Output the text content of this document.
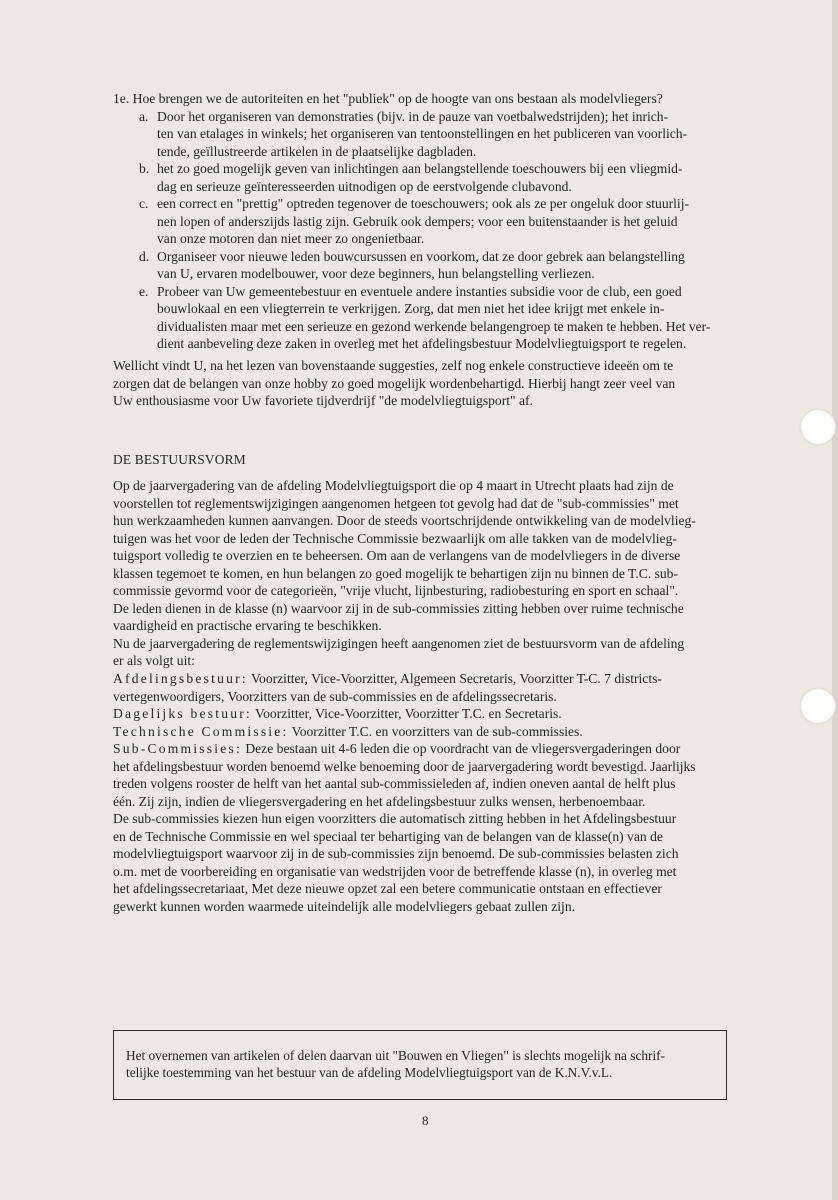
1e. Hoe brengen we de autoriteiten en het "publiek" op de hoogte van ons bestaan als modelvliegers?

a. Door het organiseren van demonstraties (bijv. in de pauze van voetbalwedstrijden); het inrich-
ten van etalages in winkels; het organiseren van tentoonstellingen en het publiceren van voorlich-
tende, geïllustreerde artikelen in de plaatselijke dagbladen.
b. het zo goed mogelijk geven van inlichtingen aan belangstellende toeschouwers bij een vliegmid-
dag en serieuze geïnteresseerden uitnodigen op de eerstvolgende clubavond.
c. een correct en "prettig" optreden tegenover de toeschouwers; ook als ze per ongeluk door stuurlij-
nen lopen of anderszijds lastig zijn. Gebruik ook dempers; voor een buitenstaander is het geluid
van onze motoren dan niet meer zo ongenietbaar.
d. Organiseer voor nieuwe leden bouwcursussen en voorkom, dat ze door gebrek aan belangstelling
van U, ervaren modelbouwer, voor deze beginners, hun belangstelling verliezen.
e. Probeer van Uw gemeentebestuur en eventuele andere instanties subsidie voor de club, een goed
bouwlokaal en een vliegterrein te verkrijgen. Zorg, dat men niet het idee krijgt met enkele in-
dividualisten maar met een serieuze en gezond werkende belangengroep te maken te hebben. Het ver-
dient aanbeveling deze zaken in overleg met het afdelingsbestuur Modelvliegtuigsport te regelen.
Wellicht vindt U, na het lezen van bovenstaande suggesties, zelf nog enkele constructieve ideeën om te
zorgen dat de belangen van onze hobby zo goed mogelijk wordenbehartigd. Hierbij hangt zeer veel van
Uw enthousiasme voor Uw favoriete tijdverdrijf "de modelvliegtuigsport" af.
DE BESTUURSVORM
Op de jaarvergadering van de afdeling Modelvliegtuigsport die op 4 maart in Utrecht plaats had zijn de
voorstellen tot reglementswijzigingen aangenomen hetgeen tot gevolg had dat de "sub-commissies" met
hun werkzaamheden kunnen aanvangen. Door de steeds voortschrijdende ontwikkeling van de modelvlieg-
tuigen was het voor de leden der Technische Commissie bezwaarlijk om alle takken van de modelvlieg-
tuigsport volledig te overzien en te beheersen. Om aan de verlangens van de modelvliegers in de diverse
klassen tegemoet te komen, en hun belangen zo goed mogelijk te behartigen zijn nu binnen de T.C. sub-
commissie gevormd voor de categorieën, "vrije vlucht, lijnbesturing, radiobesturing en sport en schaal".
De leden dienen in de klasse (n) waarvoor zij in de sub-commissies zitting hebben over ruime technische
vaardigheid en practische ervaring te beschikken.
Nu de jaarvergadering de reglementswijzigingen heeft aangenomen ziet de bestuursvorm van de afdeling
er als volgt uit:
Afdelingsbestuur: Voorzitter, Vice-Voorzitter, Algemeen Secretaris, Voorzitter T-C. 7 districts-
vertegenwoordigers, Voorzitters van de sub-commissies en de afdelingssecretaris.
Dagelijks bestuur: Voorzitter, Vice-Voorzitter, Voorzitter T.C. en Secretaris.
Technische Commissie: Voorzitter T.C. en voorzitters van de sub-commissies.
Sub-Commissies: Deze bestaan uit 4-6 leden die op voordracht van de vliegersvergaderingen door
het afdelingsbestuur worden benoemd welke benoeming door de jaarvergadering wordt bevestigd. Jaarlijks
treden volgens rooster de helft van het aantal sub-commissieleden af, indien oneven aantal de helft plus
één. Zij zijn, indien de vliegersvergadering en het afdelingsbestuur zulks wensen, herbenoembaar.
De sub-commissies kiezen hun eigen voorzitters die automatisch zitting hebben in het Afdelingsbestuur
en de Technische Commissie en wel speciaal ter behartiging van de belangen van de klasse(n) van de
modelvliegtuigsport waarvoor zij in de sub-commissies zijn benoemd. De sub-commissies belasten zich
o.m. met de voorbereiding en organisatie van wedstrijden voor de betreffende klasse (n), in overleg met
het afdelingssecretariaat, Met deze nieuwe opzet zal een betere communicatie ontstaan en effectiever
gewerkt kunnen worden waarmede uiteindelijk alle modelvliegers gebaat zullen zijn.
Het overnemen van artikelen of delen daarvan uit "Bouwen en Vliegen" is slechts mogelijk na schrif-
telijke toestemming van het bestuur van de afdeling Modelvliegtuigsport van de K.N.V.v.L.
8
